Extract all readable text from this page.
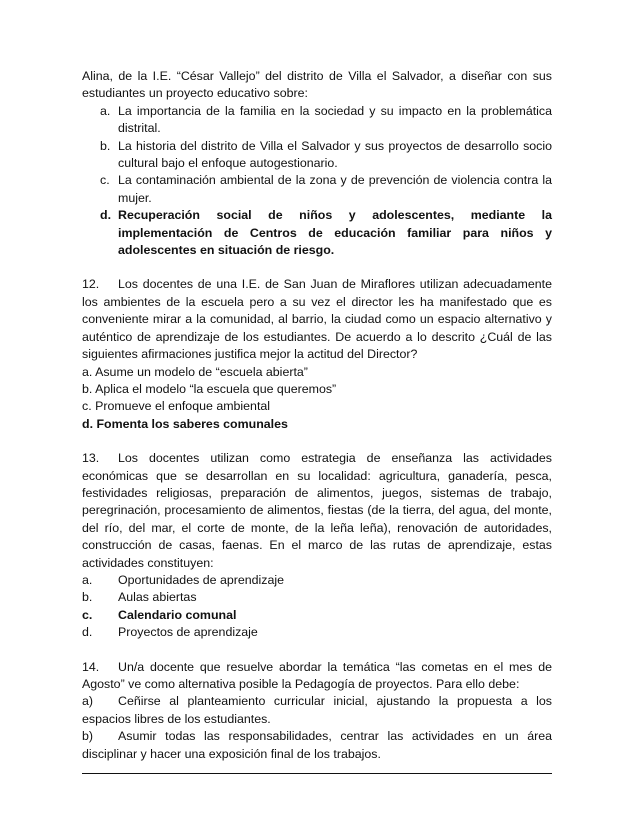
Alina, de la I.E. “César Vallejo” del distrito de Villa el Salvador, a diseñar con sus estudiantes un proyecto educativo sobre:

a. La importancia de la familia en la sociedad y su impacto en la problemática distrital.
b. La historia del distrito de Villa el Salvador y sus proyectos de desarrollo socio cultural bajo el enfoque autogestionario.
c. La contaminación ambiental de la zona y de prevención de violencia contra la mujer.
d. Recuperación social de niños y adolescentes, mediante la implementación de Centros de educación familiar para niños y adolescentes en situación de riesgo.

12. Los docentes de una I.E. de San Juan de Miraflores utilizan adecuadamente los ambientes de la escuela pero a su vez el director les ha manifestado que es conveniente mirar a la comunidad, al barrio, la ciudad como un espacio alternativo y auténtico de aprendizaje de los estudiantes. De acuerdo a lo descrito ¿Cuál de las siguientes afirmaciones justifica mejor la actitud del Director?

a. Asume un modelo de “escuela abierta”
b. Aplica el modelo “la escuela que queremos”
c. Promueve el enfoque ambiental
d. Fomenta los saberes comunales

13. Los docentes utilizan como estrategia de enseñanza las actividades económicas que se desarrollan en su localidad: agricultura, ganadería, pesca, festividades religiosas, preparación de alimentos, juegos, sistemas de trabajo, peregrinación, procesamiento de alimentos, fiestas (de la tierra, del agua, del monte, del río, del mar, el corte de monte, de la leña leña), renovación de autoridades, construcción de casas, faenas. En el marco de las rutas de aprendizaje, estas actividades constituyen:

a.	Oportunidades de aprendizaje
b.	Aulas abiertas
c.	Calendario comunal
d.	Proyectos de aprendizaje

14. Un/a docente que resuelve abordar la temática “las cometas en el mes de Agosto” ve como alternativa posible la Pedagogía de proyectos. Para ello debe:

a) Ceñirse al planteamiento curricular inicial, ajustando la propuesta a los espacios libres de los estudiantes.

b) Asumir todas las responsabilidades, centrar las actividades en un área disciplinar y hacer una exposición final de los trabajos.
